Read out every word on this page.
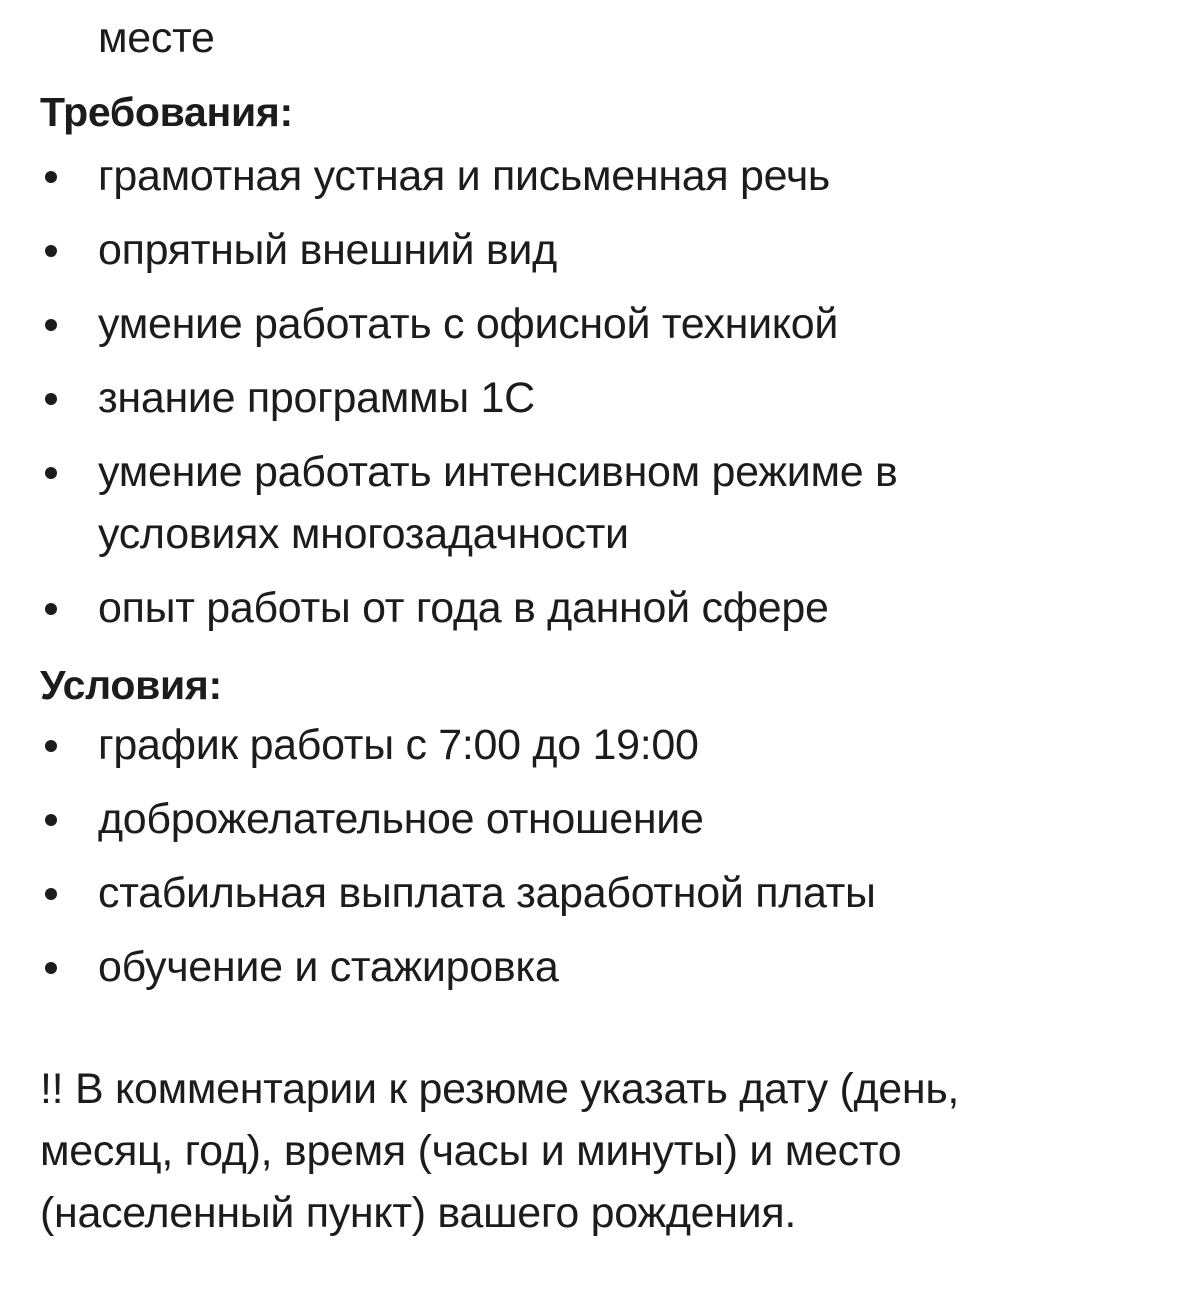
месте
Требования:
грамотная устная и письменная речь
опрятный внешний вид
умение работать с офисной техникой
знание программы 1С
умение работать интенсивном режиме в
условиях многозадачности
опыт работы от года в данной сфере
Условия:
график работы с 7:00 до 19:00
доброжелательное отношение
стабильная выплата заработной платы
обучение и стажировка
!! В комментарии к резюме указать дату (день,
месяц, год), время (часы и минуты) и место
(населенный пункт) вашего рождения.
